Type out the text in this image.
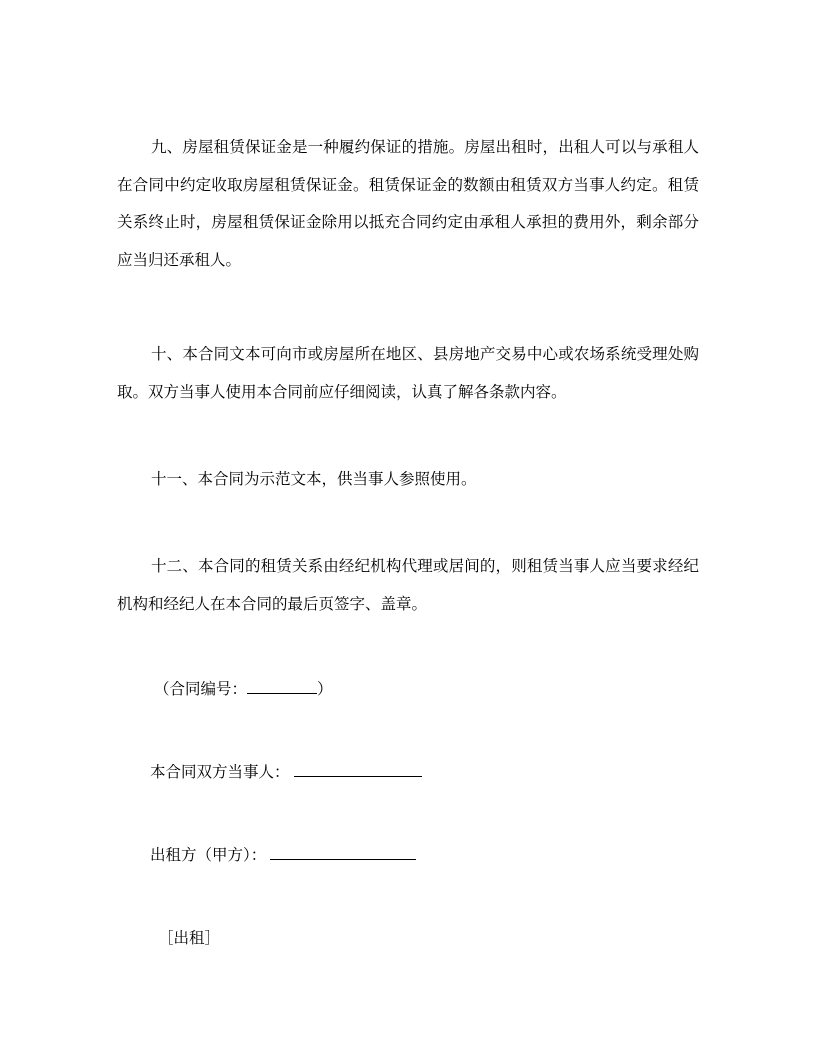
九、房屋租赁保证金是一种履约保证的措施。房屋出租时，出租人可以与承租人在合同中约定收取房屋租赁保证金。租赁保证金的数额由租赁双方当事人约定。租赁关系终止时，房屋租赁保证金除用以抵充合同约定由承租人承担的费用外，剩余部分应当归还承租人。

十、本合同文本可向市或房屋所在地区、县房地产交易中心或农场系统受理处购取。双方当事人使用本合同前应仔细阅读，认真了解各条款内容。

十一、本合同为示范文本，供当事人参照使用。

十二、本合同的租赁关系由经纪机构代理或居间的，则租赁当事人应当要求经纪机构和经纪人在本合同的最后页签字、盖章。

（合同编号：	）

本合同双方当事人：

出租方（甲方）：

［出租］
